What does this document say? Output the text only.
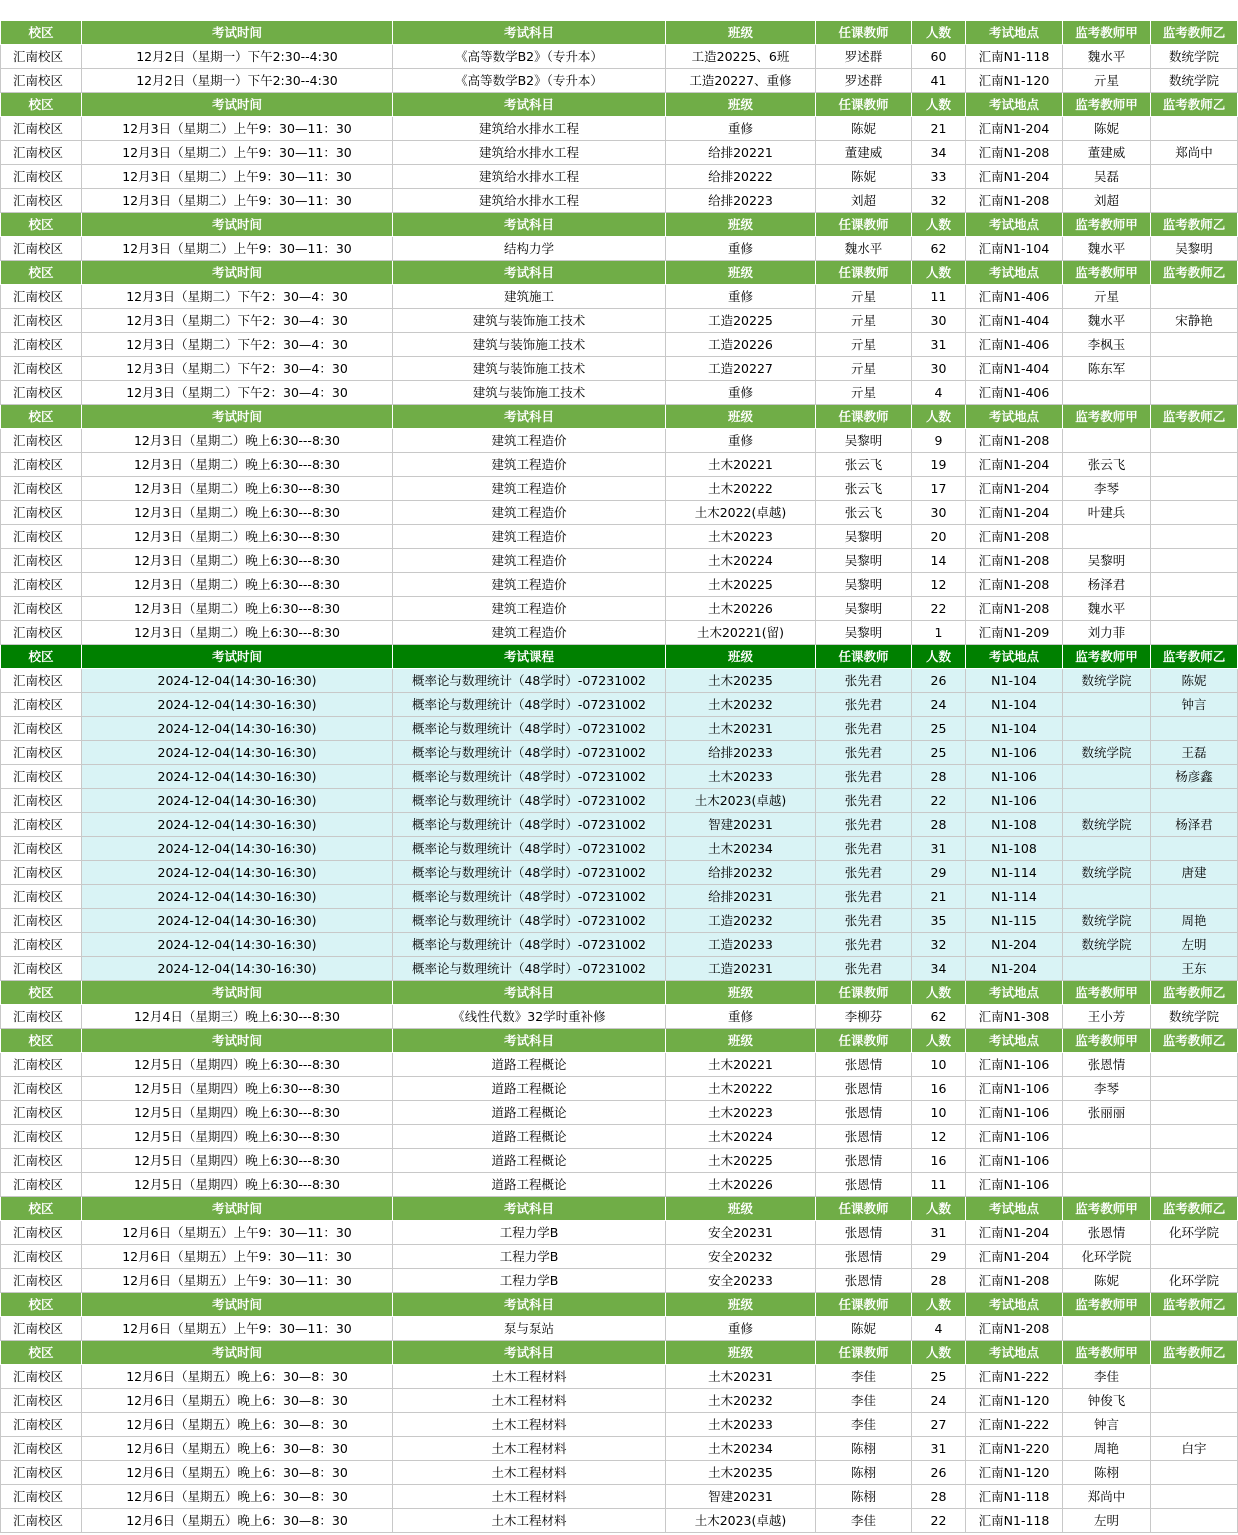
校区	考试时间	考试科目	班级	任课教师	人数	考试地点	监考教师甲	监考教师乙
汇南校区	12月2日（星期一）下午2:30--4:30	《高等数学B2》（专升本）	工造20225、6班	罗述群	60	汇南N1-118	魏水平	数统学院
汇南校区	12月2日（星期一）下午2:30--4:30	《高等数学B2》（专升本）	工造20227、重修	罗述群	41	汇南N1-120	亓星	数统学院
校区	考试时间	考试科目	班级	任课教师	人数	考试地点	监考教师甲	监考教师乙
汇南校区	12月3日（星期二）上午9：30—11：30	建筑给水排水工程	重修	陈妮	21	汇南N1-204	陈妮	
汇南校区	12月3日（星期二）上午9：30—11：30	建筑给水排水工程	给排20221	董建威	34	汇南N1-208	董建威	郑尚中
汇南校区	12月3日（星期二）上午9：30—11：30	建筑给水排水工程	给排20222	陈妮	33	汇南N1-204	吴磊	
汇南校区	12月3日（星期二）上午9：30—11：30	建筑给水排水工程	给排20223	刘超	32	汇南N1-208	刘超	
校区	考试时间	考试科目	班级	任课教师	人数	考试地点	监考教师甲	监考教师乙
汇南校区	12月3日（星期二）上午9：30—11：30	结构力学	重修	魏水平	62	汇南N1-104	魏水平	吴黎明
校区	考试时间	考试科目	班级	任课教师	人数	考试地点	监考教师甲	监考教师乙
汇南校区	12月3日（星期二）下午2：30—4：30	建筑施工	重修	亓星	11	汇南N1-406	亓星	
汇南校区	12月3日（星期二）下午2：30—4：30	建筑与装饰施工技术	工造20225	亓星	30	汇南N1-404	魏水平	宋静艳
汇南校区	12月3日（星期二）下午2：30—4：30	建筑与装饰施工技术	工造20226	亓星	31	汇南N1-406	李枫玉	
汇南校区	12月3日（星期二）下午2：30—4：30	建筑与装饰施工技术	工造20227	亓星	30	汇南N1-404	陈东军	
汇南校区	12月3日（星期二）下午2：30—4：30	建筑与装饰施工技术	重修	亓星	4	汇南N1-406		
校区	考试时间	考试科目	班级	任课教师	人数	考试地点	监考教师甲	监考教师乙
汇南校区	12月3日（星期二）晚上6:30---8:30	建筑工程造价	重修	吴黎明	9	汇南N1-208		
汇南校区	12月3日（星期二）晚上6:30---8:30	建筑工程造价	土木20221	张云飞	19	汇南N1-204	张云飞	
汇南校区	12月3日（星期二）晚上6:30---8:30	建筑工程造价	土木20222	张云飞	17	汇南N1-204	李琴	
汇南校区	12月3日（星期二）晚上6:30---8:30	建筑工程造价	土木2022(卓越)	张云飞	30	汇南N1-204	叶建兵	
汇南校区	12月3日（星期二）晚上6:30---8:30	建筑工程造价	土木20223	吴黎明	20	汇南N1-208		
汇南校区	12月3日（星期二）晚上6:30---8:30	建筑工程造价	土木20224	吴黎明	14	汇南N1-208	吴黎明	
汇南校区	12月3日（星期二）晚上6:30---8:30	建筑工程造价	土木20225	吴黎明	12	汇南N1-208	杨泽君	
汇南校区	12月3日（星期二）晚上6:30---8:30	建筑工程造价	土木20226	吴黎明	22	汇南N1-208	魏水平	
汇南校区	12月3日（星期二）晚上6:30---8:30	建筑工程造价	土木20221(留)	吴黎明	1	汇南N1-209	刘力菲	
校区	考试时间	考试课程	班级	任课教师	人数	考试地点	监考教师甲	监考教师乙
汇南校区	2024-12-04(14:30-16:30)	概率论与数理统计（48学时）-07231002	土木20235	张先君	26	N1-104	数统学院	陈妮
汇南校区	2024-12-04(14:30-16:30)	概率论与数理统计（48学时）-07231002	土木20232	张先君	24	N1-104		钟言
汇南校区	2024-12-04(14:30-16:30)	概率论与数理统计（48学时）-07231002	土木20231	张先君	25	N1-104		
汇南校区	2024-12-04(14:30-16:30)	概率论与数理统计（48学时）-07231002	给排20233	张先君	25	N1-106	数统学院	王磊
汇南校区	2024-12-04(14:30-16:30)	概率论与数理统计（48学时）-07231002	土木20233	张先君	28	N1-106		杨彦鑫
汇南校区	2024-12-04(14:30-16:30)	概率论与数理统计（48学时）-07231002	土木2023(卓越)	张先君	22	N1-106		
汇南校区	2024-12-04(14:30-16:30)	概率论与数理统计（48学时）-07231002	智建20231	张先君	28	N1-108	数统学院	杨泽君
汇南校区	2024-12-04(14:30-16:30)	概率论与数理统计（48学时）-07231002	土木20234	张先君	31	N1-108		
汇南校区	2024-12-04(14:30-16:30)	概率论与数理统计（48学时）-07231002	给排20232	张先君	29	N1-114	数统学院	唐建
汇南校区	2024-12-04(14:30-16:30)	概率论与数理统计（48学时）-07231002	给排20231	张先君	21	N1-114		
汇南校区	2024-12-04(14:30-16:30)	概率论与数理统计（48学时）-07231002	工造20232	张先君	35	N1-115	数统学院	周艳
汇南校区	2024-12-04(14:30-16:30)	概率论与数理统计（48学时）-07231002	工造20233	张先君	32	N1-204	数统学院	左明
汇南校区	2024-12-04(14:30-16:30)	概率论与数理统计（48学时）-07231002	工造20231	张先君	34	N1-204		王东
校区	考试时间	考试科目	班级	任课教师	人数	考试地点	监考教师甲	监考教师乙
汇南校区	12月4日（星期三）晚上6:30---8:30	《线性代数》32学时重补修	重修	李柳芬	62	汇南N1-308	王小芳	数统学院
校区	考试时间	考试科目	班级	任课教师	人数	考试地点	监考教师甲	监考教师乙
汇南校区	12月5日（星期四）晚上6:30---8:30	道路工程概论	土木20221	张恩情	10	汇南N1-106	张恩情	
汇南校区	12月5日（星期四）晚上6:30---8:30	道路工程概论	土木20222	张恩情	16	汇南N1-106	李琴	
汇南校区	12月5日（星期四）晚上6:30---8:30	道路工程概论	土木20223	张恩情	10	汇南N1-106	张丽丽	
汇南校区	12月5日（星期四）晚上6:30---8:30	道路工程概论	土木20224	张恩情	12	汇南N1-106		
汇南校区	12月5日（星期四）晚上6:30---8:30	道路工程概论	土木20225	张恩情	16	汇南N1-106		
汇南校区	12月5日（星期四）晚上6:30---8:30	道路工程概论	土木20226	张恩情	11	汇南N1-106		
校区	考试时间	考试科目	班级	任课教师	人数	考试地点	监考教师甲	监考教师乙
汇南校区	12月6日（星期五）上午9：30—11：30	工程力学B	安全20231	张恩情	31	汇南N1-204	张恩情	化环学院
汇南校区	12月6日（星期五）上午9：30—11：30	工程力学B	安全20232	张恩情	29	汇南N1-204	化环学院	
汇南校区	12月6日（星期五）上午9：30—11：30	工程力学B	安全20233	张恩情	28	汇南N1-208	陈妮	化环学院
校区	考试时间	考试科目	班级	任课教师	人数	考试地点	监考教师甲	监考教师乙
汇南校区	12月6日（星期五）上午9：30—11：30	泵与泵站	重修	陈妮	4	汇南N1-208		
校区	考试时间	考试科目	班级	任课教师	人数	考试地点	监考教师甲	监考教师乙
汇南校区	12月6日（星期五）晚上6：30—8：30	土木工程材料	土木20231	李佳	25	汇南N1-222	李佳	
汇南校区	12月6日（星期五）晚上6：30—8：30	土木工程材料	土木20232	李佳	24	汇南N1-120	钟俊飞	
汇南校区	12月6日（星期五）晚上6：30—8：30	土木工程材料	土木20233	李佳	27	汇南N1-222	钟言	
汇南校区	12月6日（星期五）晚上6：30—8：30	土木工程材料	土木20234	陈栩	31	汇南N1-220	周艳	白宇
汇南校区	12月6日（星期五）晚上6：30—8：30	土木工程材料	土木20235	陈栩	26	汇南N1-120	陈栩	
汇南校区	12月6日（星期五）晚上6：30—8：30	土木工程材料	智建20231	陈栩	28	汇南N1-118	郑尚中	
汇南校区	12月6日（星期五）晚上6：30—8：30	土木工程材料	土木2023(卓越)	李佳	22	汇南N1-118	左明	
